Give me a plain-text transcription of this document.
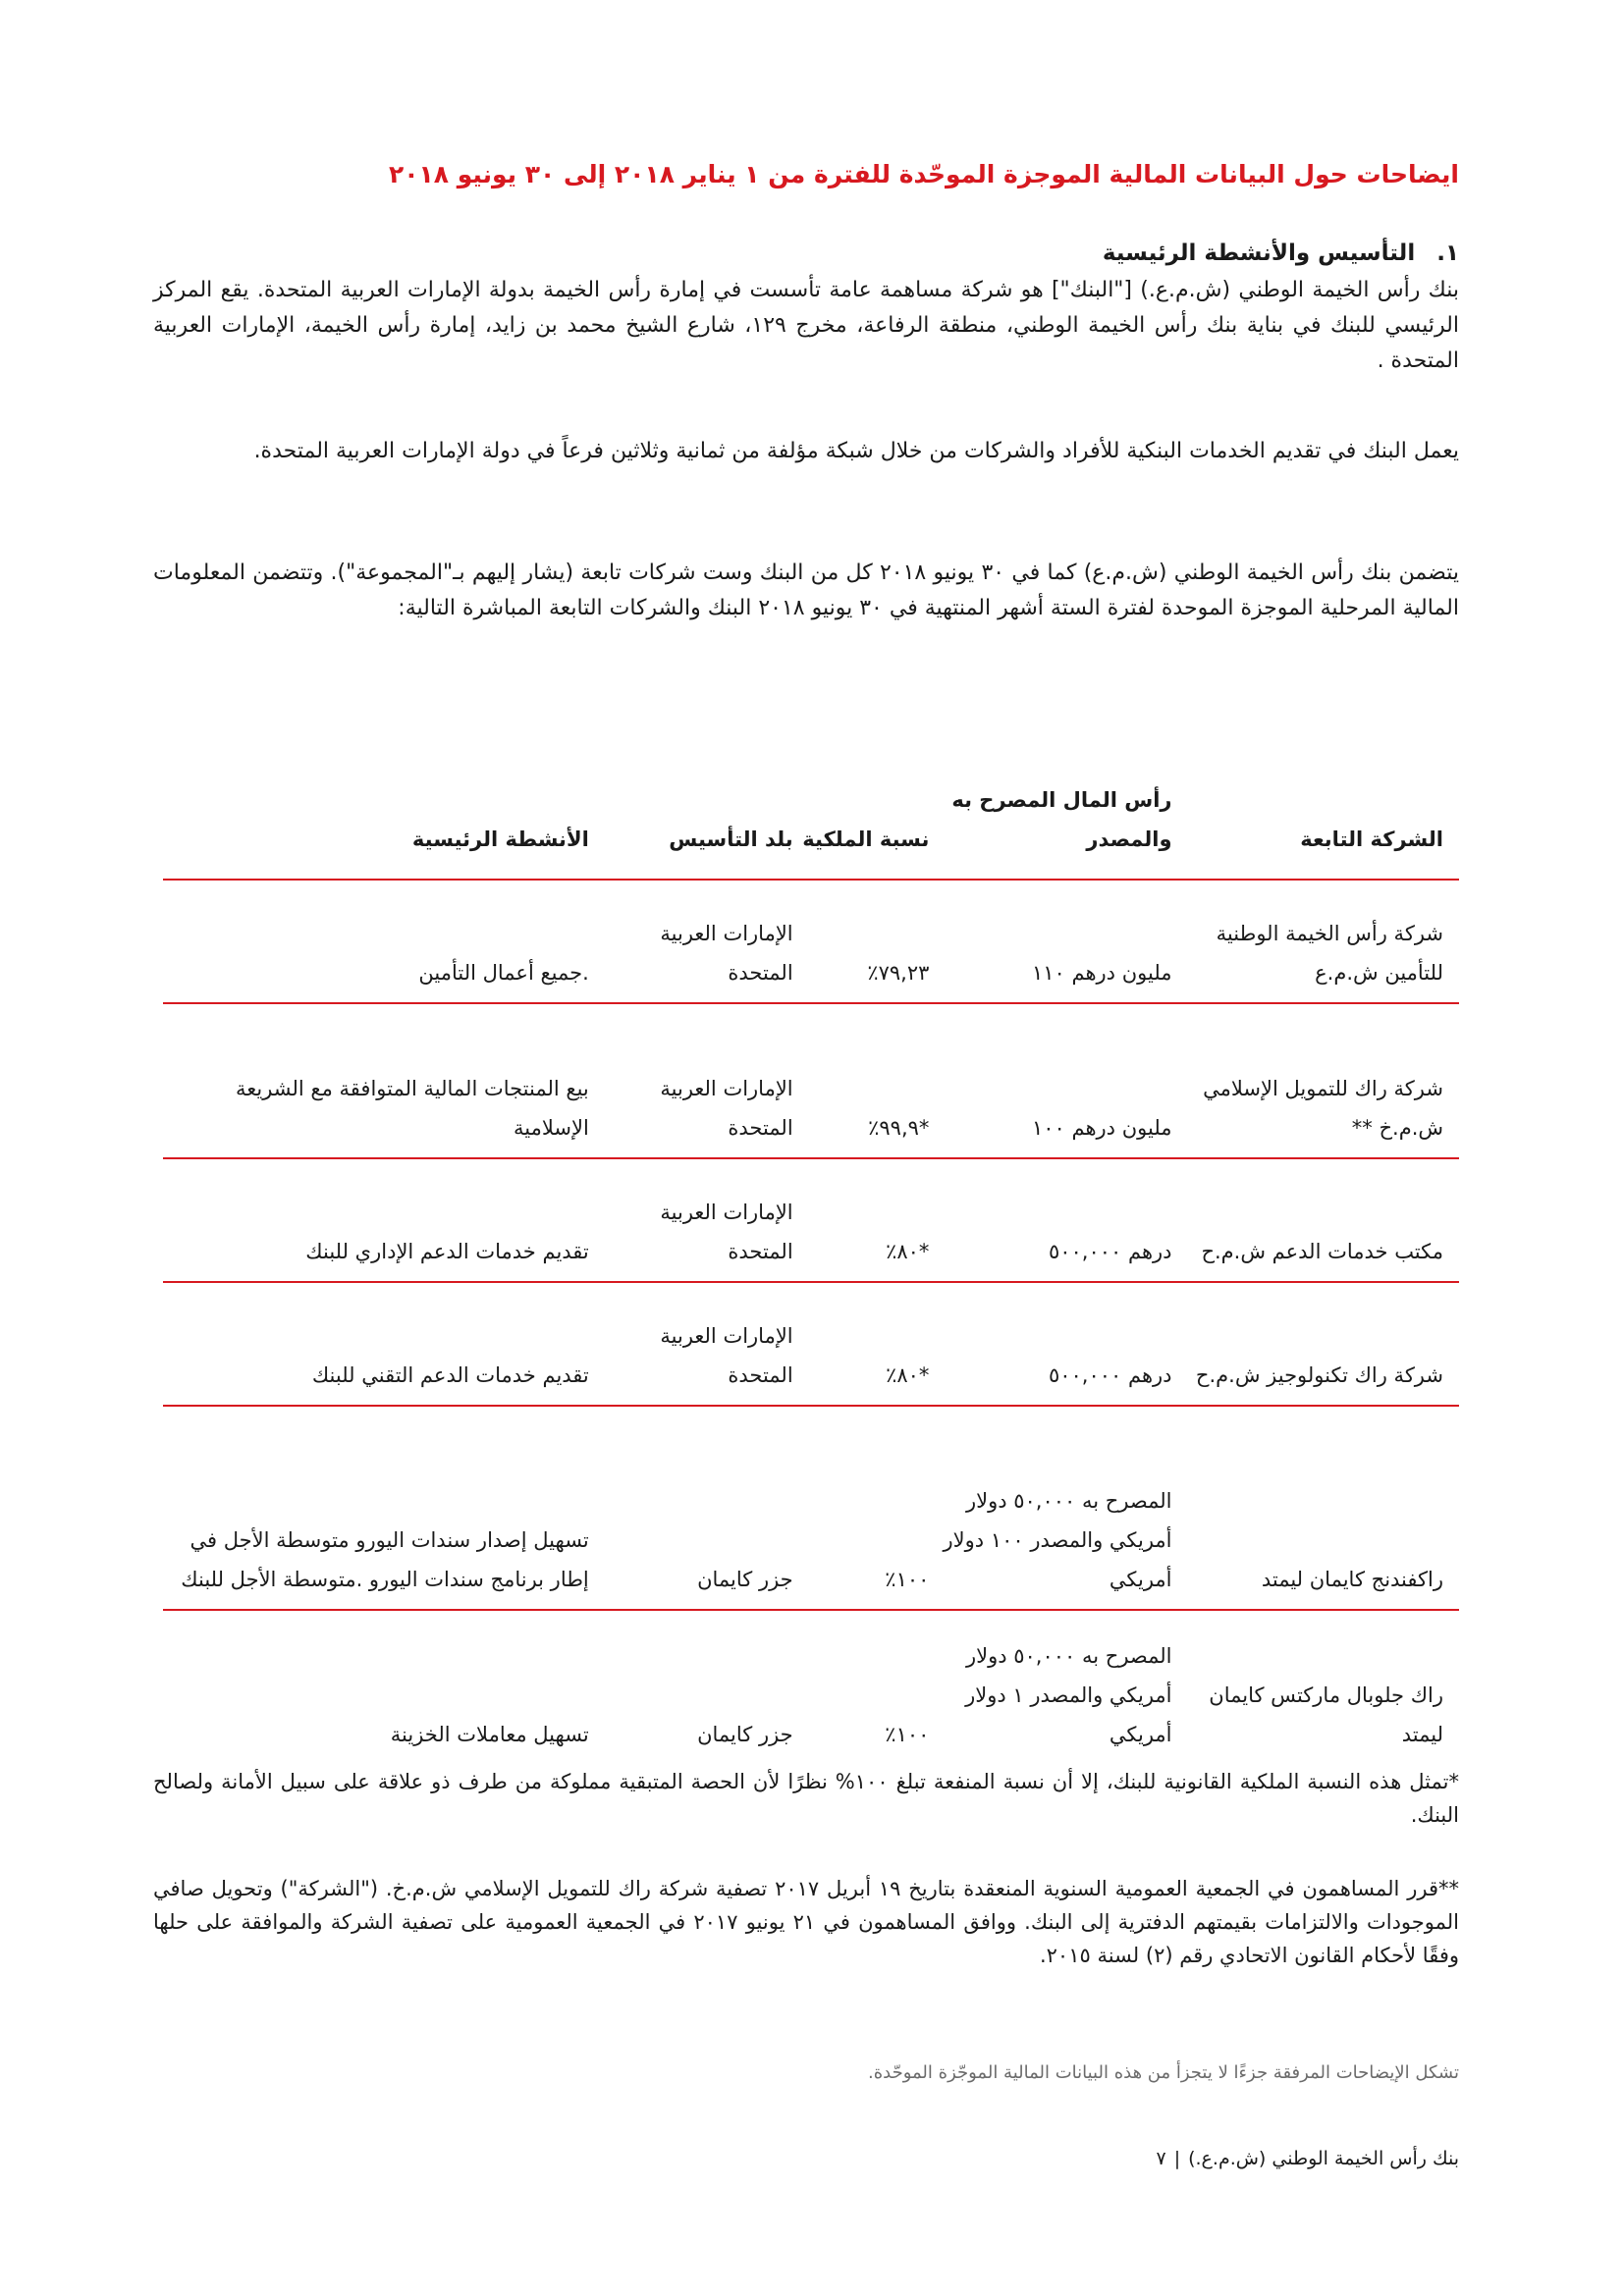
ايضاحات حول البيانات المالية الموجزة الموحّدة للفترة من ١ يناير ٢٠١٨ إلى ٣٠ يونيو ٢٠١٨
١.التأسيس والأنشطة الرئيسية

بنك رأس الخيمة الوطني (ش.م.ع.) ["البنك"] هو شركة مساهمة عامة تأسست في إمارة رأس الخيمة بدولة الإمارات العربية المتحدة. يقع المركز الرئيسي للبنك في بناية بنك رأس الخيمة الوطني، منطقة الرفاعة، مخرج ١٢٩، شارع الشيخ محمد بن زايد، إمارة رأس الخيمة، الإمارات العربية المتحدة .

يعمل البنك في تقديم الخدمات البنكية للأفراد والشركات من خلال شبكة مؤلفة من ثمانية وثلاثين فرعاً في دولة الإمارات العربية المتحدة.

يتضمن بنك رأس الخيمة الوطني (ش.م.ع) كما في ٣٠ يونيو ٢٠١٨ كل من البنك وست شركات تابعة (يشار إليهم بـ"المجموعة"). وتتضمن المعلومات المالية المرحلية الموجزة الموحدة لفترة الستة أشهر المنتهية في ٣٠ يونيو ٢٠١٨ البنك والشركات التابعة المباشرة التالية:

الشركة التابعة	رأس المال المصرح به والمصدر	نسبة الملكية	بلد التأسيس	الأنشطة الرئيسية
شركة رأس الخيمة الوطنية للتأمين ش.م.ع	مليون درهم ١١٠	٧٩,٢٣٪	الإمارات العربية المتحدة	.جميع أعمال التأمين
شركة راك للتمويل الإسلامي ش.م.خ **	مليون درهم ١٠٠	*٩٩,٩٪	الإمارات العربية المتحدة	بيع المنتجات المالية المتوافقة مع الشريعة الإسلامية
مكتب خدمات الدعم ش.م.ح	درهم ٥٠٠,٠٠٠	*٨٠٪	الإمارات العربية المتحدة	تقديم خدمات الدعم الإداري للبنك
شركة راك تكنولوجيز ش.م.ح	درهم ٥٠٠,٠٠٠	*٨٠٪	الإمارات العربية المتحدة	تقديم خدمات الدعم التقني للبنك
راكفندنج كايمان ليمتد	المصرح به ٥٠,٠٠٠ دولار أمريكي والمصدر ١٠٠ دولار أمريكي	١٠٠٪	جزر كايمان	تسهيل إصدار سندات اليورو متوسطة الأجل في إطار برنامج سندات اليورو .متوسطة الأجل للبنك
راك جلوبال ماركتس كايمان ليمتد	المصرح به ٥٠,٠٠٠ دولار أمريكي والمصدر ١ دولار أمريكي	١٠٠٪	جزر كايمان	تسهيل معاملات الخزينة

*تمثل هذه النسبة الملكية القانونية للبنك، إلا أن نسبة المنفعة تبلغ ١٠٠% نظرًا لأن الحصة المتبقية مملوكة من طرف ذو علاقة على سبيل الأمانة ولصالح البنك.

**قرر المساهمون في الجمعية العمومية السنوية المنعقدة بتاريخ ١٩ أبريل ٢٠١٧ تصفية شركة راك للتمويل الإسلامي ش.م.خ. ("الشركة") وتحويل صافي الموجودات والالتزامات بقيمتهم الدفترية إلى البنك. ووافق المساهمون في ٢١ يونيو ٢٠١٧ في الجمعية العمومية على تصفية الشركة والموافقة على حلها وفقًا لأحكام القانون الاتحادي رقم (٢) لسنة ٢٠١٥.

تشكل الإيضاحات المرفقة جزءًا لا يتجزأ من هذه البيانات المالية الموجّزة الموحّدة.

بنك رأس الخيمة الوطني (ش.م.ع.)|٧
